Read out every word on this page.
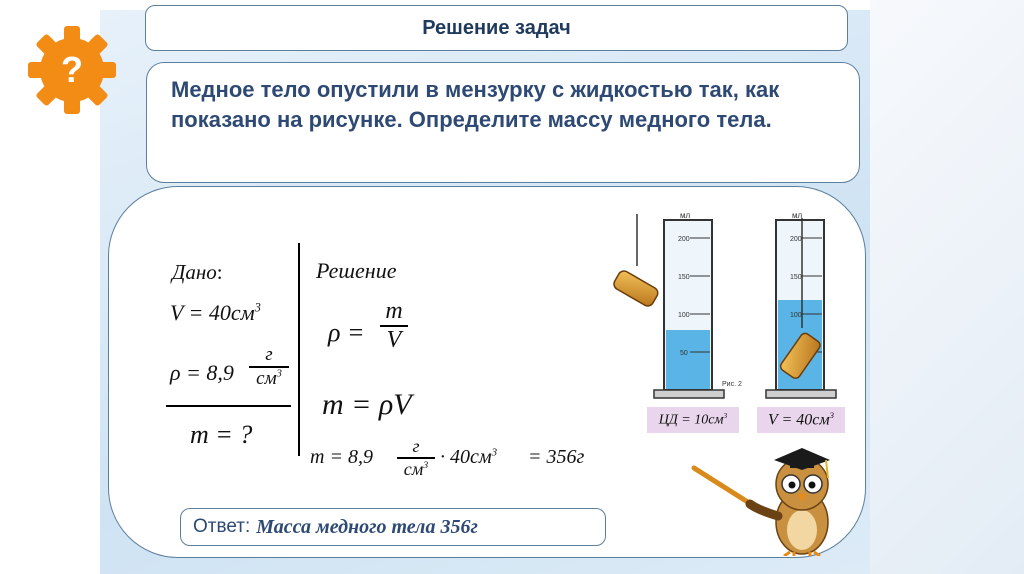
?
Решение задач

Медное тело опустили в мензурку с жидкостью так, как показано на рисунке. Определите массу медного тела.

Дано:
$V = 40см^3$
ρ = 8,9
г
$см^3$
m = ?
Решение
ρ =
m
V
m = ρV
m = 8,9 г
$см^3 \cdot 40см^3 = 356г$
мл
200
150
100
50
Рис. 2
мл
200
150
100
ЦД = $10см^3$	$V = 40см^3$
Ответ: Масса медного тела 356г
